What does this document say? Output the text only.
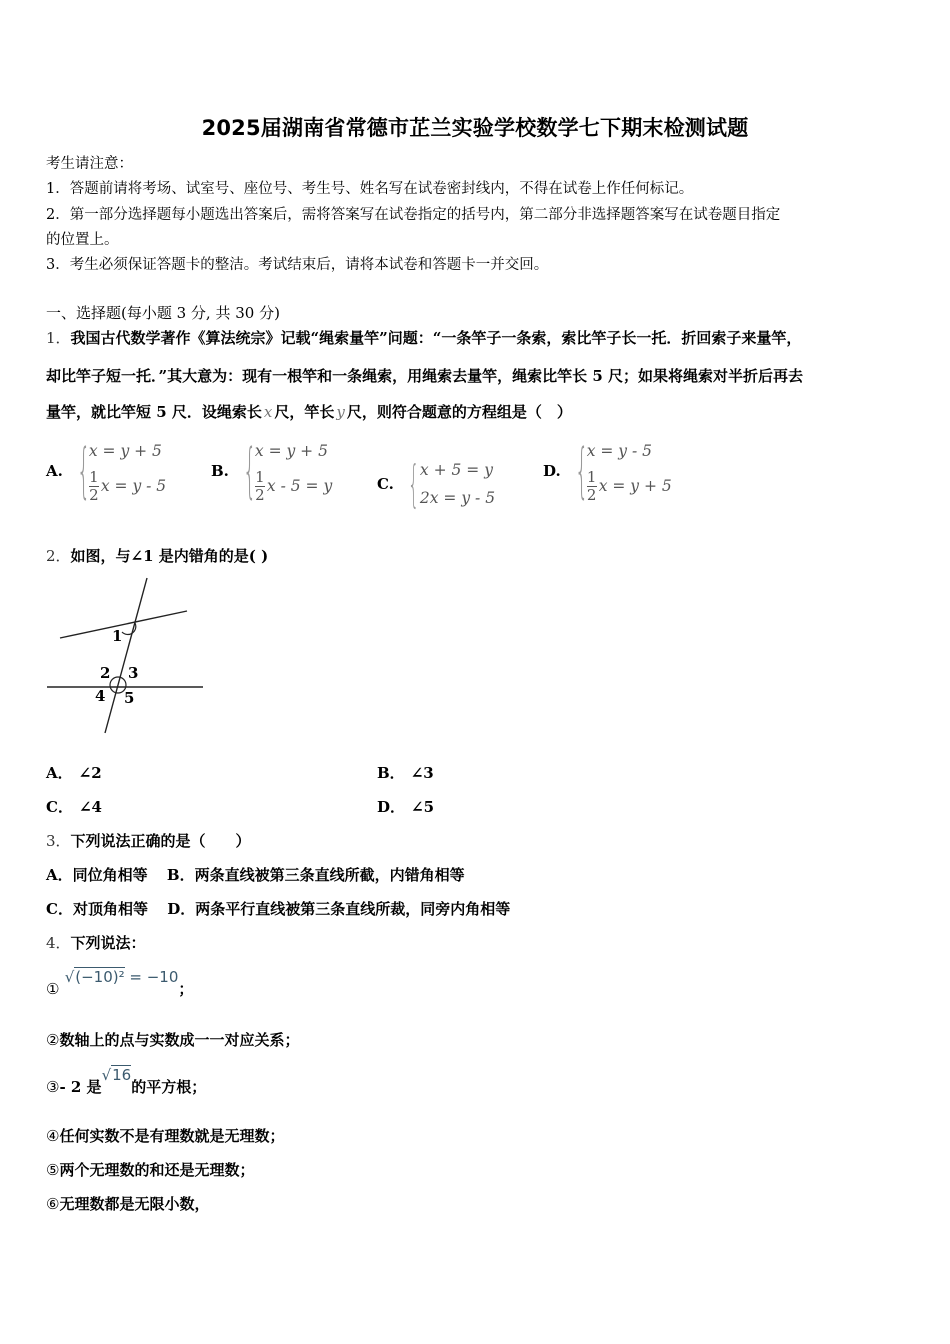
2025届湖南省常德市芷兰实验学校数学七下期末检测试题
考生请注意：
1．答题前请将考场、试室号、座位号、考生号、姓名写在试卷密封线内，不得在试卷上作任何标记。
2．第一部分选择题每小题选出答案后，需将答案写在试卷指定的括号内，第二部分非选择题答案写在试卷题目指定
的位置上。
3．考生必须保证答题卡的整洁。考试结束后，请将本试卷和答题卡一并交回。
一、选择题(每小题 3 分, 共 30 分)
1．我国古代数学著作《算法统宗》记载“绳索量竿”问题：“一条竿子一条索，索比竿子长一托．折回索子来量竿，
却比竿子短一托．”其大意为：现有一根竿和一条绳索，用绳索去量竿，绳索比竿长 5 尺；如果将绳索对半折后再去
量竿，就比竿短 5 尺．设绳索长 x 尺，竿长 y 尺，则符合题意的方程组是（　）
A. {
x = y + 5
$\frac{1}{2}$ x = y - 5
B. {
x = y + 5
$\frac{1}{2}$ x - 5 = y	C. { x + 5 = y
2x = y - 5
D. {
x = y - 5
$\frac{1}{2}$ x = y + 5
2．如图，与∠1 是内错角的是( )
1
2 3
4 5
A． ∠2	B． ∠3
C． ∠4	D． ∠5
3．下列说法正确的是（　　）
A．同位角相等 B．两条直线被第三条直线所截，内错角相等
C．对顶角相等 D．两条平行直线被第三条直线所裁，同旁内角相等
4．下列说法：
① √(−10)² = −10；
②数轴上的点与实数成一一对应关系；
③- 2 是√16的平方根；
④任何实数不是有理数就是无理数；
⑤两个无理数的和还是无理数；
⑥无理数都是无限小数，
